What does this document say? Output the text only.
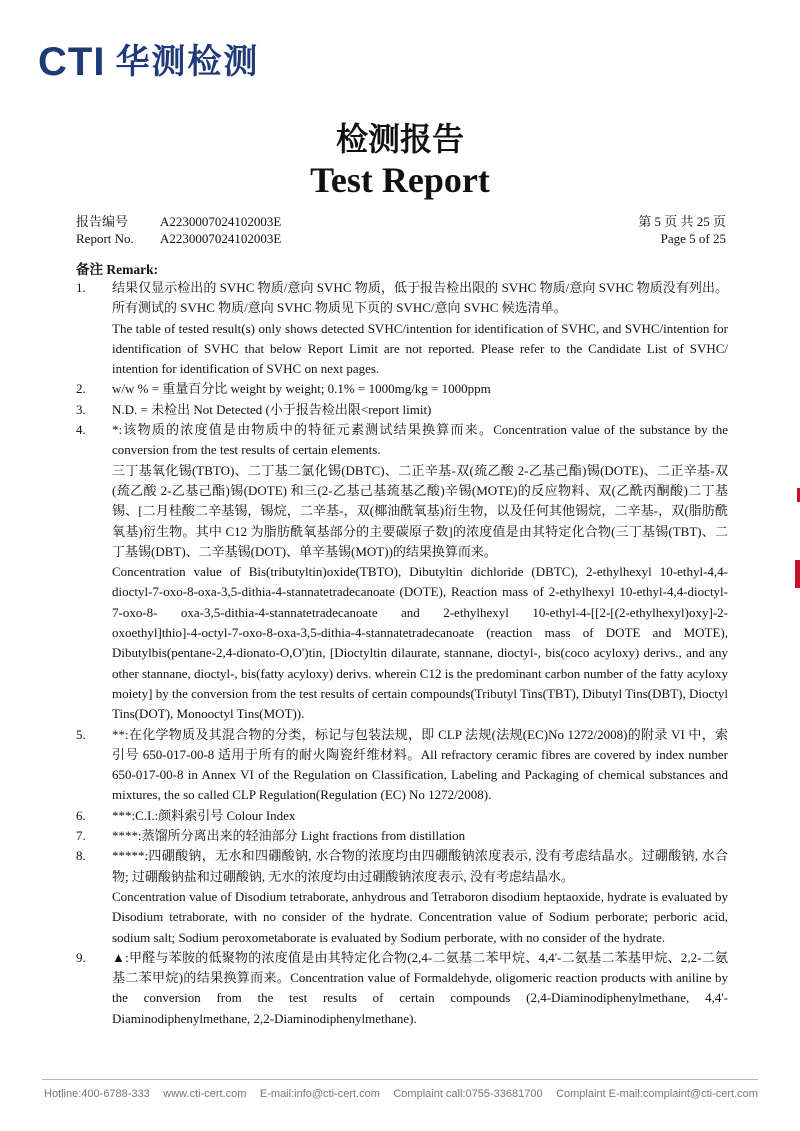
CTI 华测检测
检测报告
Test Report
报告编号	A2230007024102003E	第 5 页 共 25 页
Report No.	A2230007024102003E	Page 5 of 25
备注 Remark:
1.	结果仅显示检出的 SVHC 物质/意向 SVHC 物质，低于报告检出限的 SVHC 物质/意向 SVHC 物质没有列出。所有测试的 SVHC 物质/意向 SVHC 物质见下页的 SVHC/意向 SVHC 候选清单。

The table of tested result(s) only shows detected SVHC/intention for identification of SVHC, and SVHC/intention for identification of SVHC that below Report Limit are not reported. Please refer to the Candidate List of SVHC/ intention for identification of SVHC on next pages.

2.	w/w % = 重量百分比 weight by weight; 0.1% = 1000mg/kg = 1000ppm

3.	N.D. = 未检出 Not Detected (小于报告检出限<report limit)

4.	*:该物质的浓度值是由物质中的特征元素测试结果换算而来。Concentration value of the substance by the conversion from the test results of certain elements.

三丁基氧化锡(TBTO)、二丁基二氯化锡(DBTC)、二正辛基-双(巯乙酸 2-乙基己酯)锡(DOTE)、二正辛基-双(巯乙酸 2-乙基己酯)锡(DOTE) 和三(2-乙基己基巯基乙酸)辛锡(MOTE)的反应物料、双(乙酰丙酮酸)二丁基锡、[二月桂酸二辛基锡，锡烷，二辛基-，双(椰油酰氧基)衍生物，以及任何其他锡烷，二辛基-，双(脂肪酰氧基)衍生物。其中 C12 为脂肪酰氧基部分的主要碳原子数]的浓度值是由其特定化合物(三丁基锡(TBT)、二丁基锡(DBT)、二辛基锡(DOT)、单辛基锡(MOT))的结果换算而来。

Concentration value of Bis(tributyltin)oxide(TBTO), Dibutyltin dichloride (DBTC), 2-ethylhexyl 10-ethyl-4,4-dioctyl-7-oxo-8-oxa-3,5-dithia-4-stannatetradecanoate (DOTE), Reaction mass of 2-ethylhexyl 10-ethyl-4,4-dioctyl-7-oxo-8- oxa-3,5-dithia-4-stannatetradecanoate and 2-ethylhexyl 10-ethyl-4-[[2-[(2-ethylhexyl)oxy]-2-oxoethyl]thio]-4-octyl-7-oxo-8-oxa-3,5-dithia-4-stannatetradecanoate (reaction mass of DOTE and MOTE), Dibutylbis(pentane-2,4-dionato-O,O')tin, [Dioctyltin dilaurate, stannane, dioctyl-, bis(coco acyloxy) derivs., and any other stannane, dioctyl-, bis(fatty acyloxy) derivs. wherein C12 is the predominant carbon number of the fatty acyloxy moiety] by the conversion from the test results of certain compounds(Tributyl Tins(TBT), Dibutyl Tins(DBT), Dioctyl Tins(DOT), Monooctyl Tins(MOT)).

5.	**:在化学物质及其混合物的分类，标记与包装法规，即 CLP 法规(法规(EC)No 1272/2008)的附录 VI 中，索引号 650-017-00-8 适用于所有的耐火陶瓷纤维材料。All refractory ceramic fibres are covered by index number 650-017-00-8 in Annex VI of the Regulation on Classification, Labeling and Packaging of chemical substances and mixtures, the so called CLP Regulation(Regulation (EC) No 1272/2008).

6.	***:C.I.:颜料索引号 Colour Index

7.	****:蒸馏所分离出来的轻油部分 Light fractions from distillation

8.	*****:四硼酸钠，无水和四硼酸钠, 水合物的浓度均由四硼酸钠浓度表示, 没有考虑结晶水。过硼酸钠, 水合物; 过硼酸钠盐和过硼酸钠, 无水的浓度均由过硼酸钠浓度表示, 没有考虑结晶水。

Concentration value of Disodium tetraborate, anhydrous and Tetraboron disodium heptaoxide, hydrate is evaluated by Disodium tetraborate, with no consider of the hydrate. Concentration value of Sodium perborate; perboric acid, sodium salt; Sodium peroxometaborate is evaluated by Sodium perborate, with no consider of the hydrate.

9.	▲:甲醛与苯胺的低聚物的浓度值是由其特定化合物(2,4-二氨基二苯甲烷、4,4'-二氨基二苯基甲烷、2,2-二氨基二苯甲烷)的结果换算而来。Concentration value of Formaldehyde, oligomeric reaction products with aniline by the conversion from the test results of certain compounds (2,4-Diaminodiphenylmethane, 4,4'- Diaminodiphenylmethane, 2,2-Diaminodiphenylmethane).

Hotline:400-6788-333 www.cti-cert.com E-mail:info@cti-cert.com Complaint call:0755-33681700 Complaint E-mail:complaint@cti-cert.com
